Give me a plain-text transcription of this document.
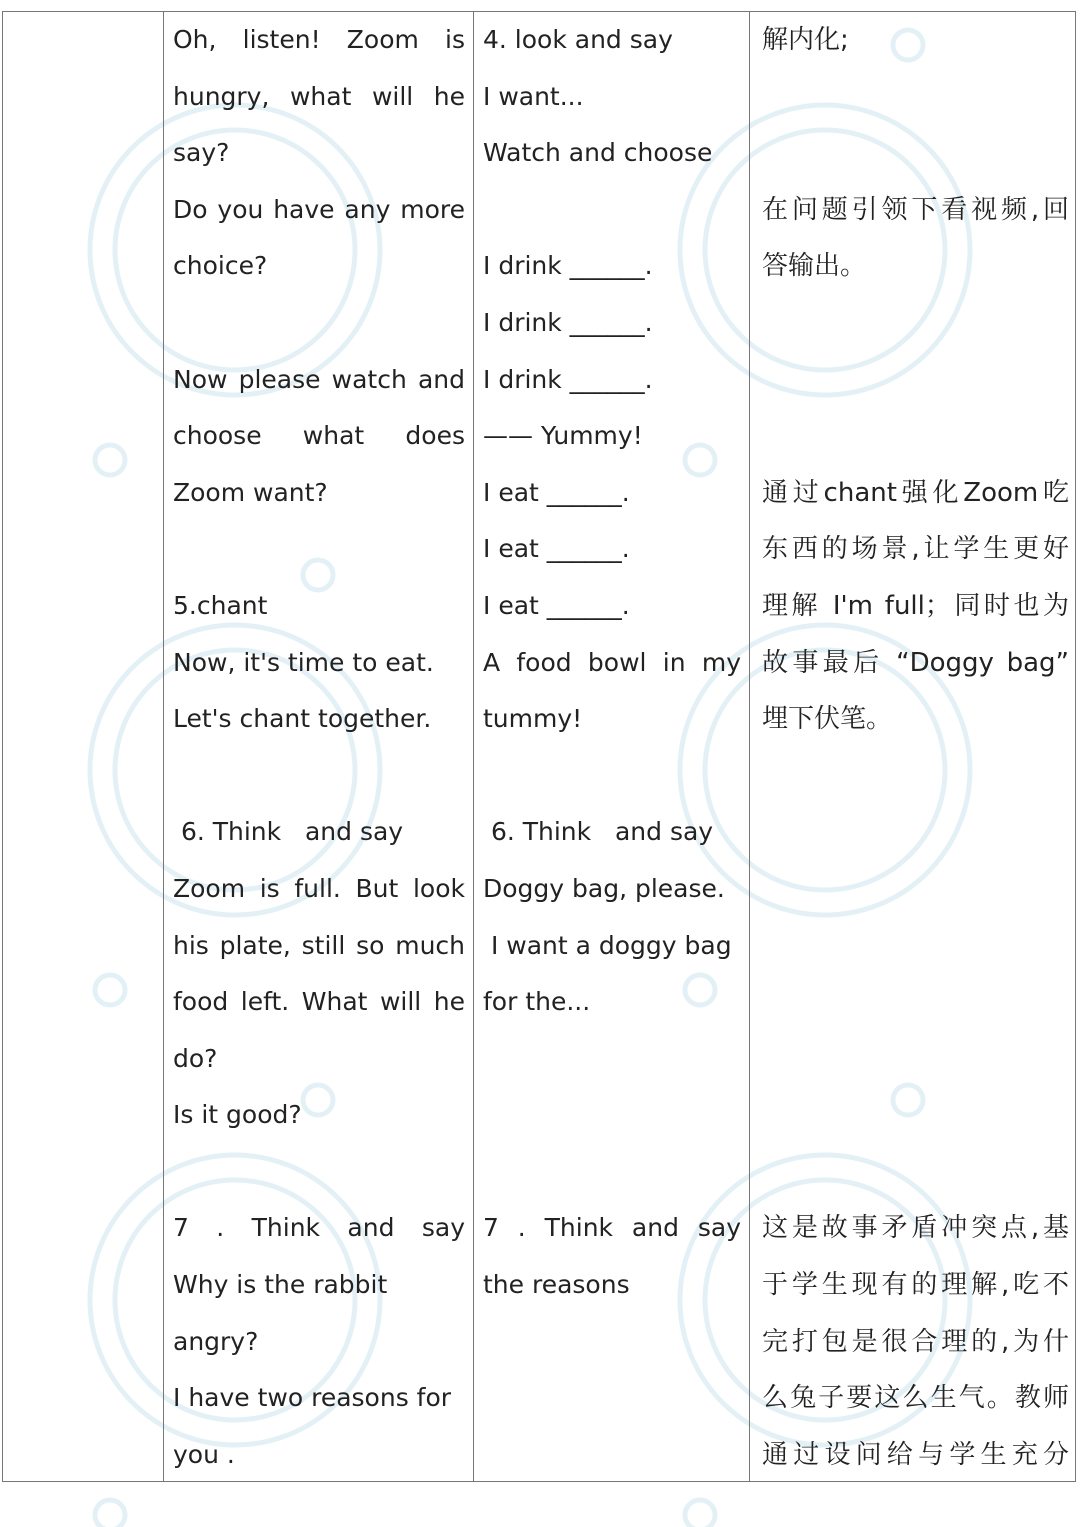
Oh, listen! Zoom is
hungry, what will he
say?
Do you have any more
choice?
Now please watch and
choose what does
Zoom want?
5.chant
Now, it's time to eat.
Let's chant together.
6. Think   and say
Zoom is full. But look
his plate, still so much
food left. What will he
do?
Is it good?
7 . Think and say
Why is the rabbit
angry?
I have two reasons for
you .
4. look and say
I want...
Watch and choose
I drink ______.
I drink ______.
I drink ______.
—— Yummy!
I eat ______.
I eat ______.
I eat ______.
A food bowl in my
tummy!
6. Think   and say
Doggy bag, please.
I want a doggy bag
for the...
7 . Think and say
the reasons
解内化;
在问题引领下看视频,回
答输出。
通过chant强化Zoom吃
东西的场景,让学生更好
理解 I'm full；同时也为
故事最后 “Doggy bag”
埋下伏笔。
这是故事矛盾冲突点,基
于学生现有的理解,吃不
完打包是很合理的,为什
么兔子要这么生气。教师
通过设问给与学生充分
